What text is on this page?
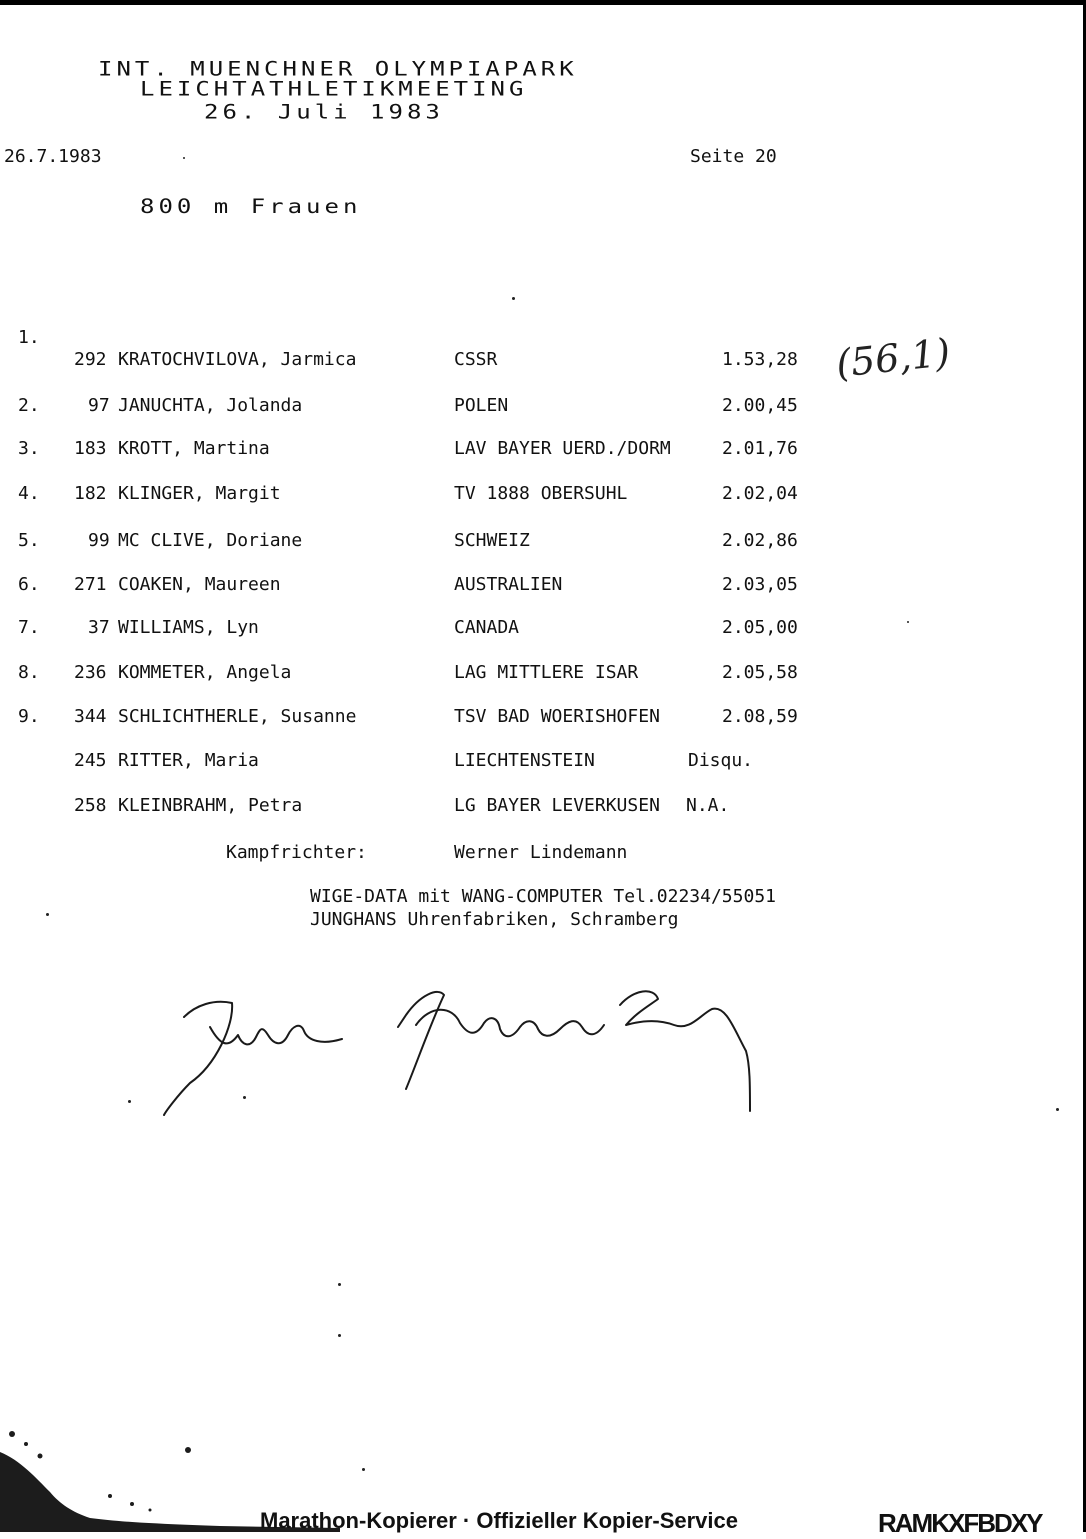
INT. MUENCHNER OLYMPIAPARK
LEICHTATHLETIKMEETING
26. Juli 1983
26.7.1983	Seite 20
800 m Frauen
1.
292 KRATOCHVILOVA, Jarmica	CSSR	1.53,28
2.	97 JANUCHTA, Jolanda	POLEN	2.00,45
3. 183 KROTT, Martina	LAV BAYER UERD./DORM	2.01,76
4. 182 KLINGER, Margit	TV 1888 OBERSUHL	2.02,04
5.	99 MC CLIVE, Doriane	SCHWEIZ	2.02,86
6. 271 COAKEN, Maureen	AUSTRALIEN	2.03,05
7.	37 WILLIAMS, Lyn	CANADA	2.05,00
8. 236 KOMMETER, Angela	LAG MITTLERE ISAR	2.05,58
9. 344 SCHLICHTHERLE, Susanne	TSV BAD WOERISHOFEN	2.08,59
245 RITTER, Maria	LIECHTENSTEIN	Disqu.
258 KLEINBRAHM, Petra	LG BAYER LEVERKUSEN N.A.
(56,1)
Kampfrichter:	Werner Lindemann
WIGE-DATA mit WANG-COMPUTER Tel.02234/55051
JUNGHANS Uhrenfabriken, Schramberg
Marathon-Kopierer · Offizieller Kopier-Service	RAMKXFBDXY
